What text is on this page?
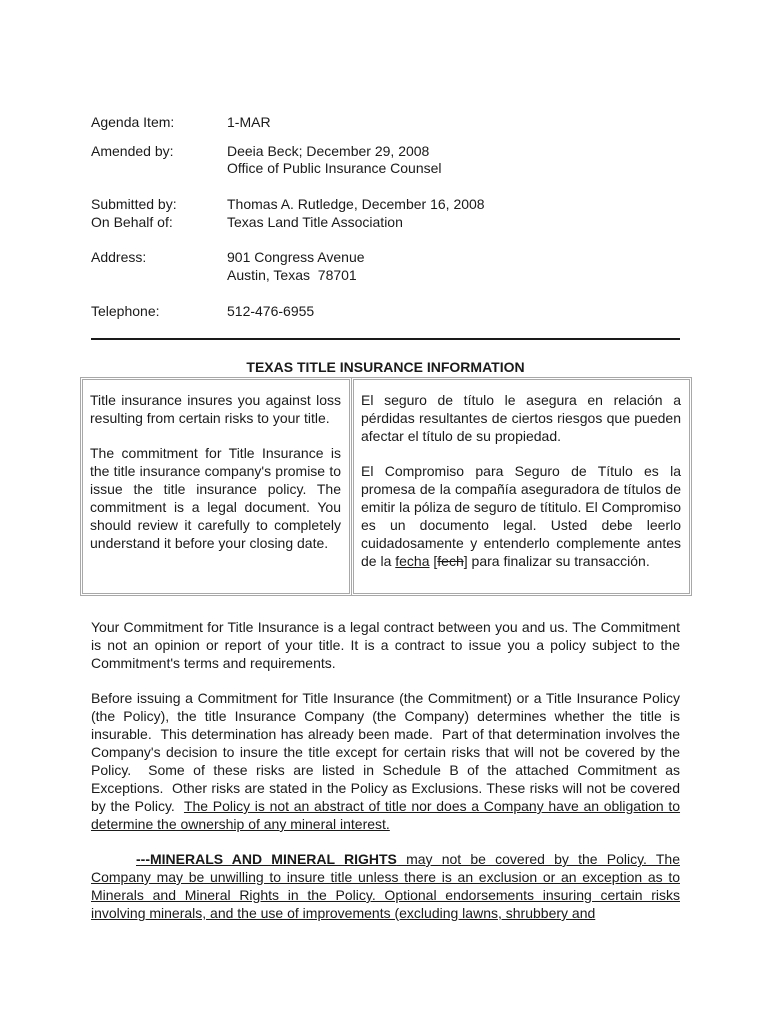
Agenda Item:	1-MAR
Amended by:	Deeia Beck; December 29, 2008
Office of Public Insurance Counsel
Submitted by:	Thomas A. Rutledge, December 16, 2008
On Behalf of:	Texas Land Title Association
Address:	901 Congress Avenue
Austin, Texas  78701
Telephone:	512-476-6955
TEXAS TITLE INSURANCE INFORMATION

Title insurance insures you against loss resulting from certain risks to your title.

The commitment for Title Insurance is the title insurance company's promise to issue the title insurance policy. The commitment is a legal document. You should review it carefully to completely understand it before your closing date.

El seguro de título le asegura en relación a pérdidas resultantes de ciertos riesgos que pueden afectar el título de su propiedad.

El Compromiso para Seguro de Título es la promesa de la compañía aseguradora de títulos de emitir la póliza de seguro de títitulo. El Compromiso es un documento legal. Usted debe leerlo cuidadosamente y entenderlo complemente antes de la fecha [fech] para finalizar su transacción.

Your Commitment for Title Insurance is a legal contract between you and us. The Commitment is not an opinion or report of your title. It is a contract to issue you a policy subject to the Commitment's terms and requirements.

Before issuing a Commitment for Title Insurance (the Commitment) or a Title Insurance Policy (the Policy), the title Insurance Company (the Company) determines whether the title is insurable.  This determination has already been made.  Part of that determination involves the Company's decision to insure the title except for certain risks that will not be covered by the Policy.  Some of these risks are listed in Schedule B of the attached Commitment as Exceptions.  Other risks are stated in the Policy as Exclusions. These risks will not be covered by the Policy.  The Policy is not an abstract of title nor does a Company have an obligation to determine the ownership of any mineral interest.

---MINERALS AND MINERAL RIGHTS may not be covered by the Policy. The Company may be unwilling to insure title unless there is an exclusion or an exception as to Minerals and Mineral Rights in the Policy. Optional endorsements insuring certain risks involving minerals, and the use of improvements (excluding lawns, shrubbery and
